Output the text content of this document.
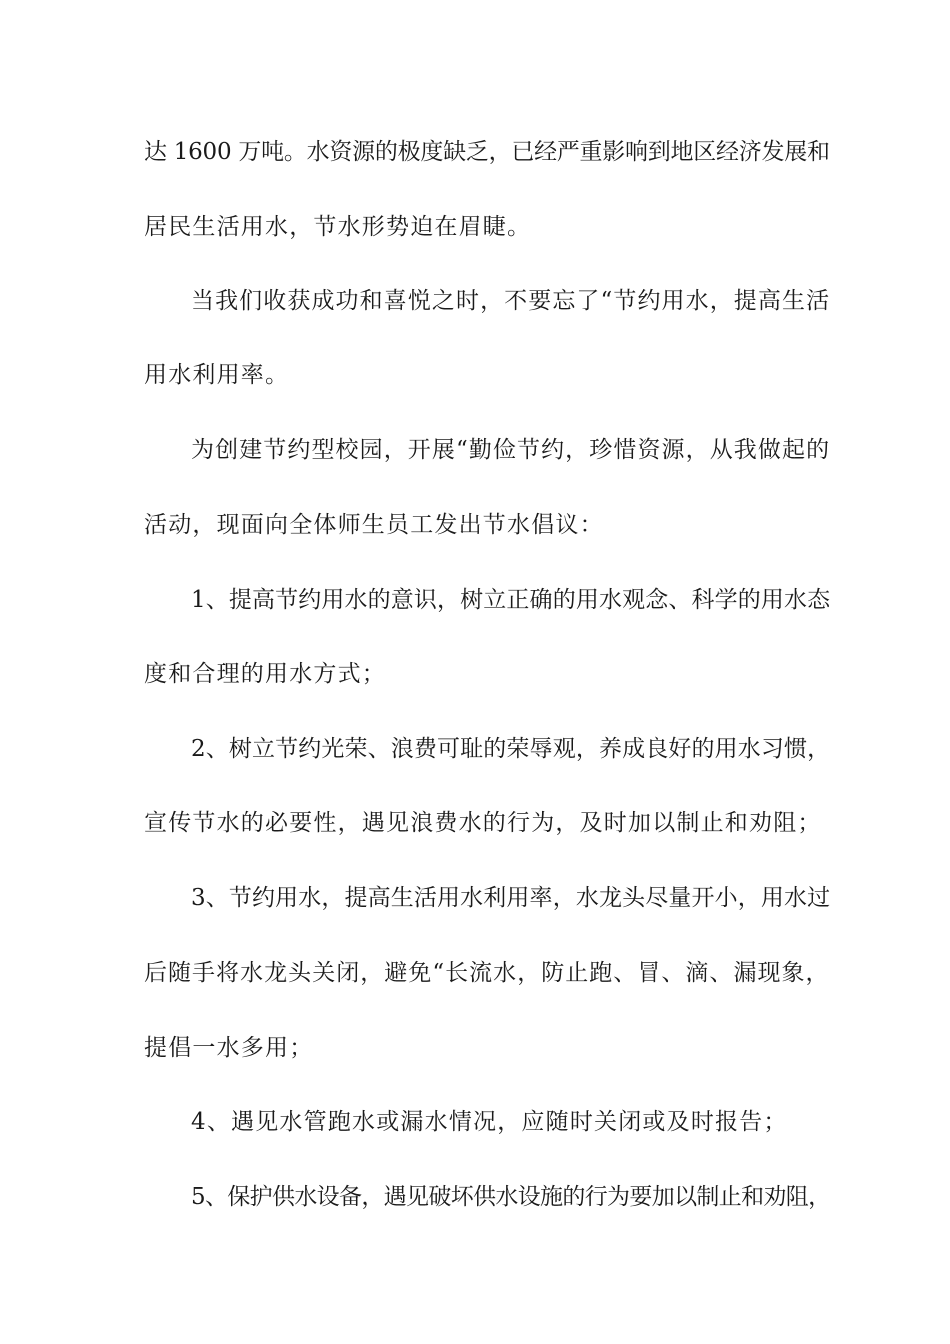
达 1600 万吨。水资源的极度缺乏，已经严重影响到地区经济发展和
居民生活用水，节水形势迫在眉睫。
当我们收获成功和喜悦之时，不要忘了“节约用水，提高生活
用水利用率。
为创建节约型校园，开展“勤俭节约，珍惜资源，从我做起的
活动，现面向全体师生员工发出节水倡议：
1、提高节约用水的意识，树立正确的用水观念、科学的用水态
度和合理的用水方式；
2、树立节约光荣、浪费可耻的荣辱观，养成良好的用水习惯，
宣传节水的必要性，遇见浪费水的行为，及时加以制止和劝阻；
3、节约用水，提高生活用水利用率，水龙头尽量开小，用水过
后随手将水龙头关闭，避免“长流水，防止跑、冒、滴、漏现象，
提倡一水多用；
4、遇见水管跑水或漏水情况，应随时关闭或及时报告；
5、保护供水设备，遇见破坏供水设施的行为要加以制止和劝阻，
